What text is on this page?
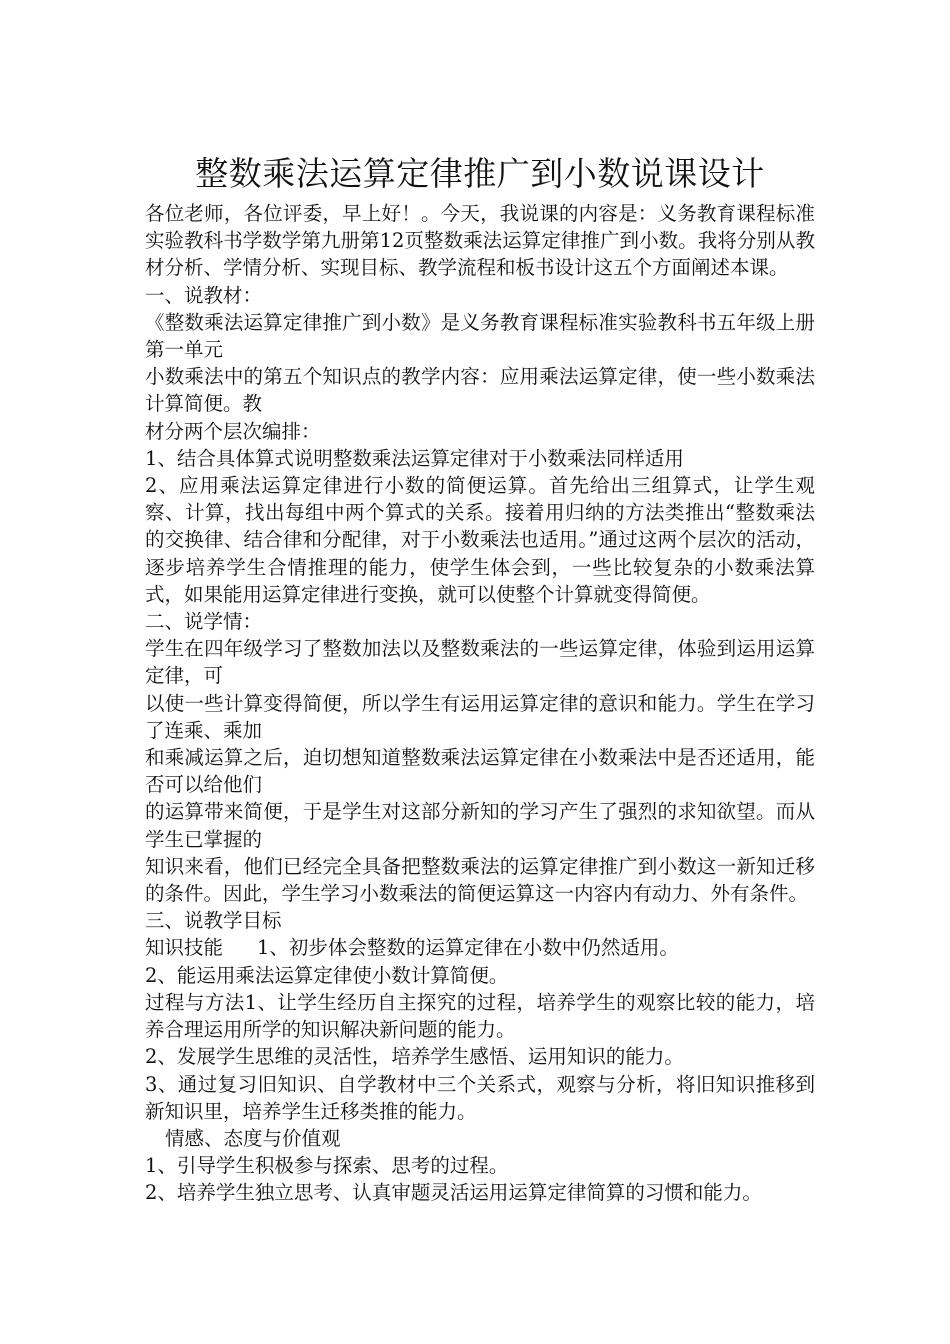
整数乘法运算定律推广到小数说课设计

各位老师，各位评委，早上好！。今天，我说课的内容是：义务教育课程标准实验教科书学数学第九册第12页整数乘法运算定律推广到小数。我将分别从教材分析、学情分析、实现目标、教学流程和板书设计这五个方面阐述本课。

一、说教材：

《整数乘法运算定律推广到小数》是义务教育课程标准实验教科书五年级上册第一单元

小数乘法中的第五个知识点的教学内容：应用乘法运算定律，使一些小数乘法计算简便。教

材分两个层次编排：

1、结合具体算式说明整数乘法运算定律对于小数乘法同样适用

2、应用乘法运算定律进行小数的简便运算。首先给出三组算式，让学生观察、计算，找出每组中两个算式的关系。接着用归纳的方法类推出“整数乘法的交换律、结合律和分配律，对于小数乘法也适用。”通过这两个层次的活动，逐步培养学生合情推理的能力，使学生体会到，一些比较复杂的小数乘法算式，如果能用运算定律进行变换，就可以使整个计算就变得简便。

二、说学情：

学生在四年级学习了整数加法以及整数乘法的一些运算定律，体验到运用运算定律，可

以使一些计算变得简便，所以学生有运用运算定律的意识和能力。学生在学习了连乘、乘加

和乘减运算之后，迫切想知道整数乘法运算定律在小数乘法中是否还适用，能否可以给他们

的运算带来简便，于是学生对这部分新知的学习产生了强烈的求知欲望。而从学生已掌握的

知识来看，他们已经完全具备把整数乘法的运算定律推广到小数这一新知迁移的条件。因此，学生学习小数乘法的简便运算这一内容内有动力、外有条件。

三、说教学目标

知识技能 1、初步体会整数的运算定律在小数中仍然适用。

2、能运用乘法运算定律使小数计算简便。

过程与方法1、让学生经历自主探究的过程，培养学生的观察比较的能力，培养合理运用所学的知识解决新问题的能力。

2、发展学生思维的灵活性，培养学生感悟、运用知识的能力。

3、通过复习旧知识、自学教材中三个关系式，观察与分析，将旧知识推移到新知识里，培养学生迁移类推的能力。

情感、态度与价值观

1、引导学生积极参与探索、思考的过程。

2、培养学生独立思考、认真审题灵活运用运算定律简算的习惯和能力。
